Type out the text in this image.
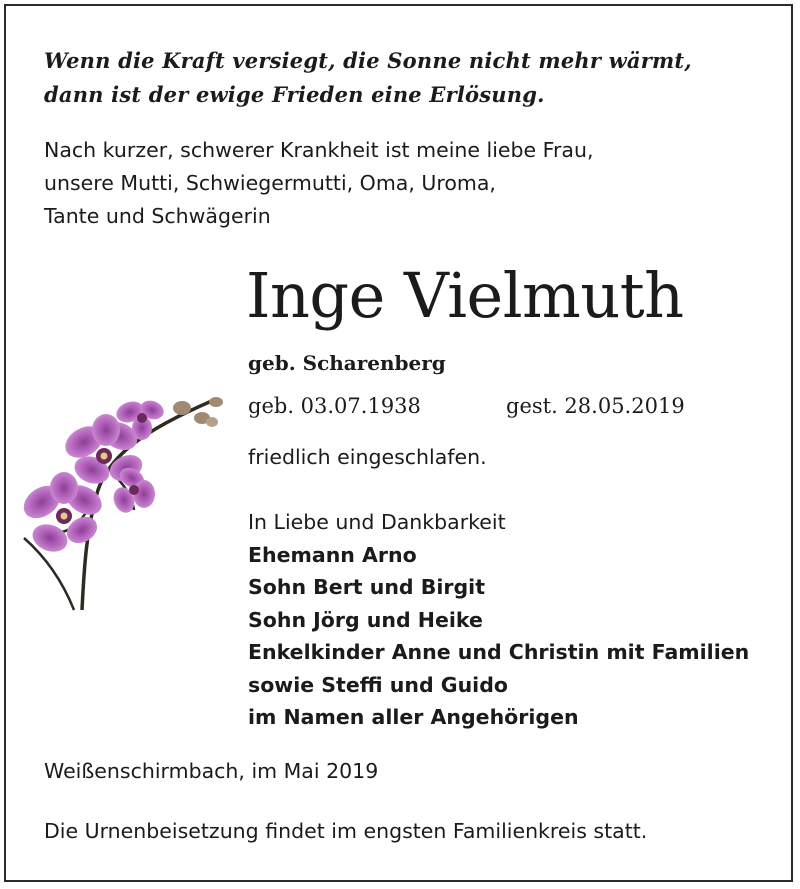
Wenn die Kraft versiegt, die Sonne nicht mehr wärmt,
dann ist der ewige Frieden eine Erlösung.
Nach kurzer, schwerer Krankheit ist meine liebe Frau,
unsere Mutti, Schwiegermutti, Oma, Uroma,
Tante und Schwägerin
Inge Vielmuth
geb. Scharenberg
geb. 03.07.1938	gest. 28.05.2019
friedlich eingeschlafen.
In Liebe und Dankbarkeit
Ehemann Arno
Sohn Bert und Birgit
Sohn Jörg und Heike
Enkelkinder Anne und Christin mit Familien
sowie Steffi und Guido
im Namen aller Angehörigen
Weißenschirmbach, im Mai 2019
Die Urnenbeisetzung findet im engsten Familienkreis statt.
